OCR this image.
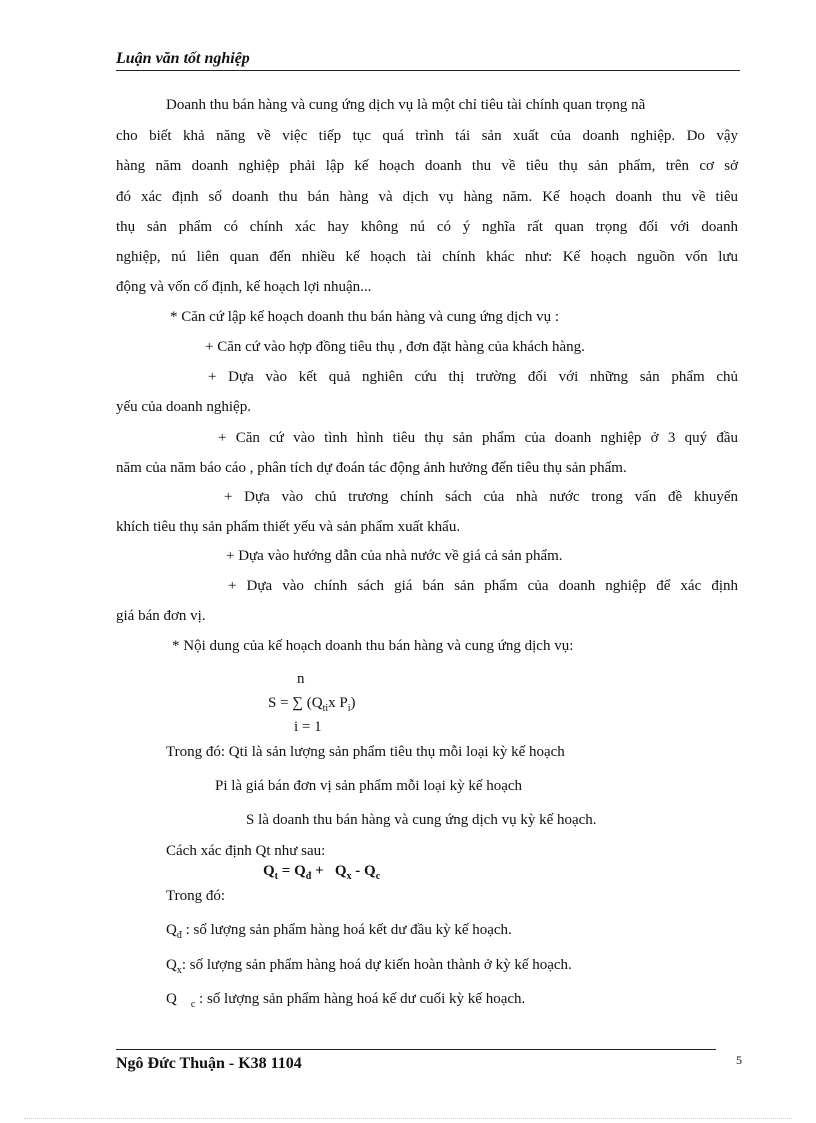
Luận văn tốt nghiệp
Doanh thu bán hàng và cung ứng dịch vụ là một chỉ tiêu tài chính quan trọng nã
cho biết khả năng về việc tiếp tục quá trình tái sản xuất của doanh nghiệp. Do vậy
hàng năm doanh nghiệp phải lập kế hoạch doanh thu về tiêu thụ sản phẩm, trên cơ sở
đó xác định số doanh thu bán hàng và dịch vụ hàng năm. Kế hoạch doanh thu về tiêu
thụ sản phẩm có chính xác hay không nú có ý nghĩa rất quan trọng đối với doanh
nghiệp, nú liên quan đến nhiều kế hoạch tài chính khác như: Kế hoạch nguồn vốn lưu
động và vốn cố định, kế hoạch lợi nhuận...
* Căn cứ lập kế hoạch doanh thu bán hàng và cung ứng dịch vụ :
+ Căn cứ vào hợp đồng tiêu thụ , đơn đặt hàng của khách hàng.
+ Dựa vào kết quả nghiên cứu thị trường đối với những sản phẩm chủ
yếu của doanh nghiệp.
+ Căn cứ vào tình hình tiêu thụ sản phẩm của doanh nghiệp ở 3 quý đầu
năm của năm báo cáo , phân tích dự đoán tác động ảnh hưởng đến tiêu thụ sản phẩm.
+ Dựa vào chủ trương chính sách của nhà nước trong vấn đề khuyến
khích tiêu thụ sản phẩm thiết yếu và sản phẩm xuất khẩu.
+ Dựa vào hướng dẫn của nhà nước về giá cả sản phẩm.
+ Dựa vào chính sách giá bán sản phẩm của doanh nghiệp để xác định
giá bán đơn vị.
* Nội dung của kế hoạch doanh thu bán hàng và cung ứng dịch vụ:
n
S = ∑ ($Q_{ti}x$ $P_i$)
i = 1
Trong đó: Qti là sản lượng sản phẩm tiêu thụ mỗi loại kỳ kế hoạch
Pi là giá bán đơn vị sản phẩm mỗi loại kỳ kế hoạch
S là doanh thu bán hàng và cung ứng dịch vụ kỳ kế hoạch.
Cách xác định Qt như sau:
$Q_t = Q_đ + Q_x - Q_c$
Trong đó:
$Q_đ$ : số lượng sản phẩm hàng hoá kết dư đầu kỳ kế hoạch.
$Q_x$: số lượng sản phẩm hàng hoá dự kiến hoàn thành ở kỳ kế hoạch.
Q $_c$ : số lượng sản phẩm hàng hoá kế dư cuối kỳ kế hoạch.
Ngô Đức Thuận - K38 1104	5
